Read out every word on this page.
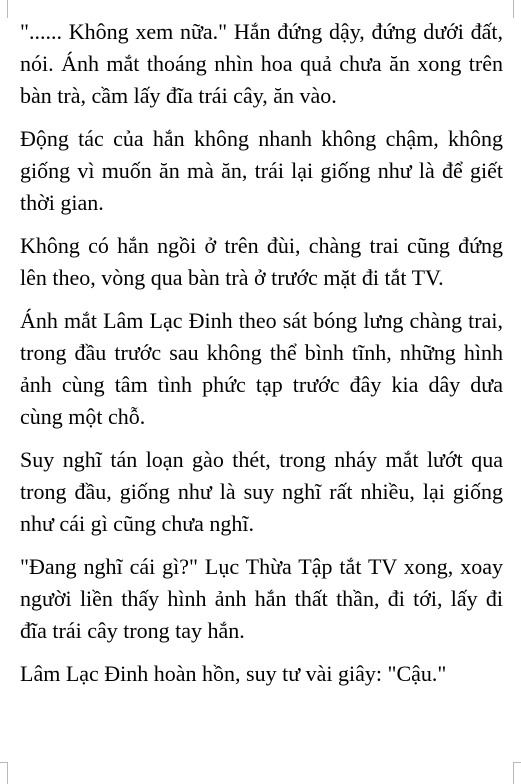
"...... Không xem nữa." Hắn đứng dậy, đứng dưới đất, nói. Ánh mắt thoáng nhìn hoa quả chưa ăn xong trên bàn trà, cầm lấy đĩa trái cây, ăn vào.

Động tác của hắn không nhanh không chậm, không giống vì muốn ăn mà ăn, trái lại giống như là để giết thời gian.

Không có hắn ngồi ở trên đùi, chàng trai cũng đứng lên theo, vòng qua bàn trà ở trước mặt đi tắt TV.

Ánh mắt Lâm Lạc Đinh theo sát bóng lưng chàng trai, trong đầu trước sau không thể bình tĩnh, những hình ảnh cùng tâm tình phức tạp trước đây kia dây dưa cùng một chỗ.

Suy nghĩ tán loạn gào thét, trong nháy mắt lướt qua trong đầu, giống như là suy nghĩ rất nhiều, lại giống như cái gì cũng chưa nghĩ.

"Đang nghĩ cái gì?" Lục Thừa Tập tắt TV xong, xoay người liền thấy hình ảnh hắn thất thần, đi tới, lấy đi đĩa trái cây trong tay hắn.

Lâm Lạc Đinh hoàn hồn, suy tư vài giây: "Cậu."
